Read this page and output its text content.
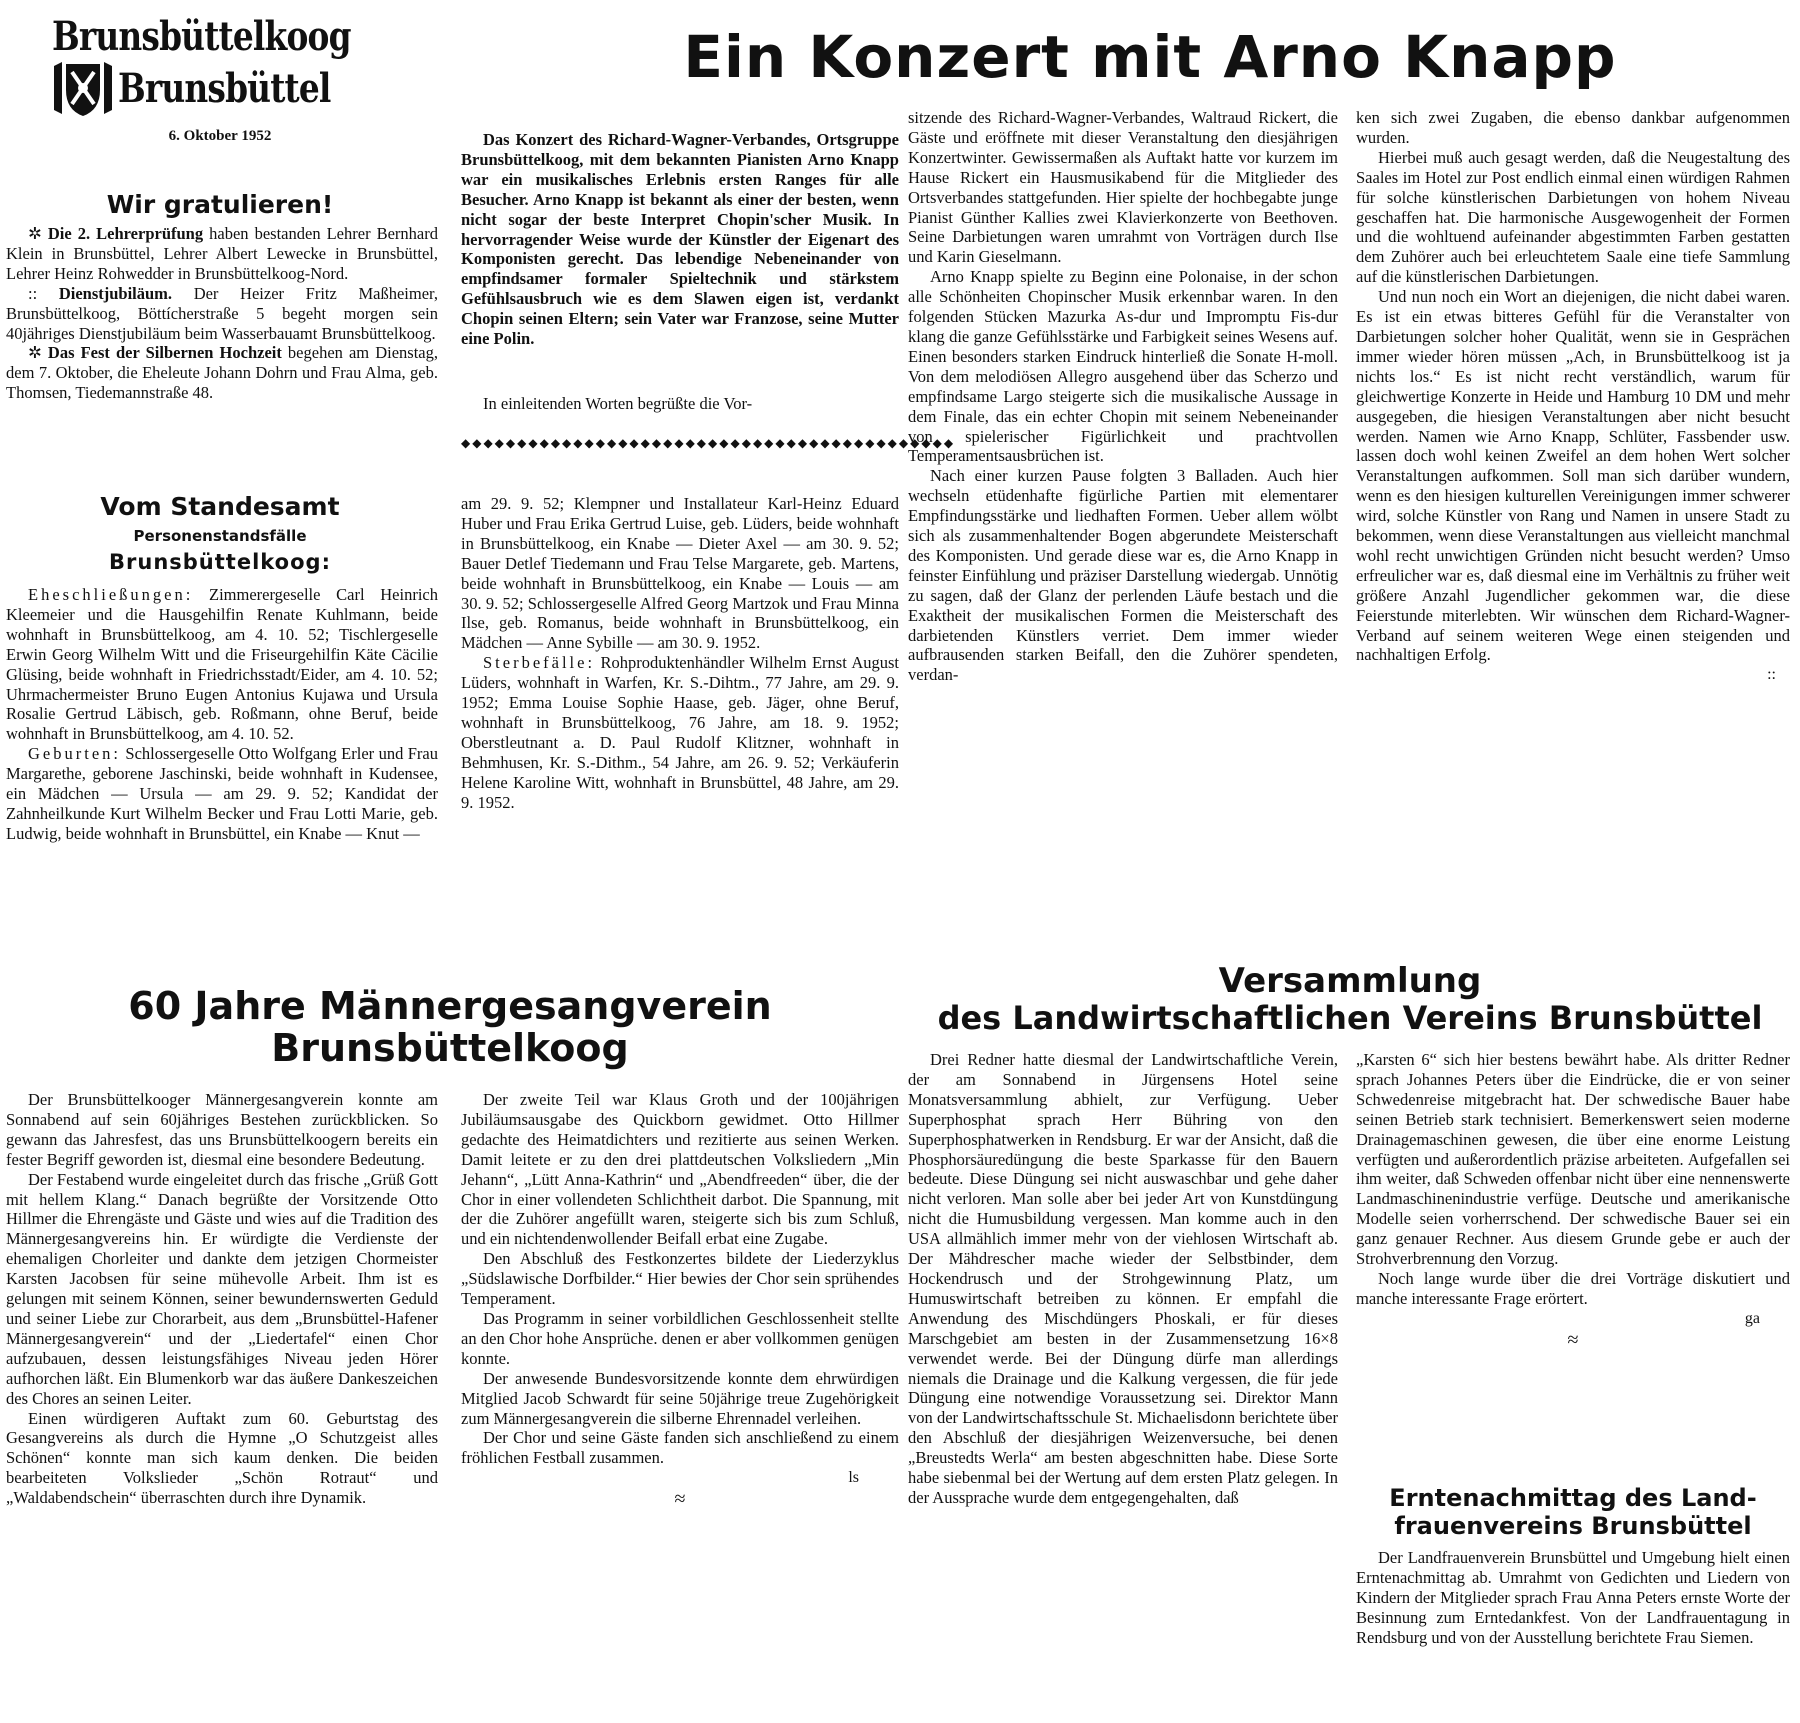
Brunsbüttelkoog
Brunsbüttel
6. Oktober 1952
Wir gratulieren!

✲ Die 2. Lehrerprüfung haben bestanden Lehrer Bernhard Klein in Brunsbüttel, Lehrer Albert Lewecke in Brunsbüttel, Lehrer Heinz Rohwedder in Brunsbüttelkoog-Nord.

:: Dienstjubiläum. Der Heizer Fritz Maßheimer, Brunsbüttelkoog, Böttícherstraße 5 begeht morgen sein 40jähriges Dienstjubiläum beim Wasserbauamt Brunsbüttelkoog.

✲ Das Fest der Silbernen Hochzeit begehen am Dienstag, dem 7. Oktober, die Eheleute Johann Dohrn und Frau Alma, geb. Thomsen, Tiedemannstraße 48.

Vom Standesamt
Personenstandsfälle
Brunsbüttelkoog:

Eheschließungen: Zimmerergeselle Carl Heinrich Kleemeier und die Hausgehilfin Renate Kuhlmann, beide wohnhaft in Brunsbüttelkoog, am 4. 10. 52; Tischlergeselle Erwin Georg Wilhelm Witt und die Friseurgehilfin Käte Cäcilie Glüsing, beide wohnhaft in Friedrichsstadt/Eider, am 4. 10. 52; Uhrmachermeister Bruno Eugen Antonius Kujawa und Ursula Rosalie Gertrud Läbisch, geb. Roßmann, ohne Beruf, beide wohnhaft in Brunsbüttelkoog, am 4. 10. 52.

Geburten: Schlossergeselle Otto Wolfgang Erler und Frau Margarethe, geborene Jaschinski, beide wohnhaft in Kudensee, ein Mädchen — Ursula — am 29. 9. 52; Kandidat der Zahnheilkunde Kurt Wilhelm Becker und Frau Lotti Marie, geb. Ludwig, beide wohnhaft in Brunsbüttel, ein Knabe — Knut —

Ein Konzert mit Arno Knapp

Das Konzert des Richard-Wagner-Verbandes, Ortsgruppe Brunsbüttelkoog, mit dem bekannten Pianisten Arno Knapp war ein musikalisches Erlebnis ersten Ranges für alle Besucher. Arno Knapp ist bekannt als einer der besten, wenn nicht sogar der beste Interpret Chopin'scher Musik. In hervorragender Weise wurde der Künstler der Eigenart des Komponisten gerecht. Das lebendige Nebeneinander von empfindsamer formaler Spieltechnik und stärkstem Gefühlsausbruch wie es dem Slawen eigen ist, verdankt Chopin seinen Eltern; sein Vater war Franzose, seine Mutter eine Polin.

In einleitenden Worten begrüßte die Vor-

◆◆◆◆◆◆◆◆◆◆◆◆◆◆◆◆◆◆◆◆◆◆◆◆◆◆◆◆◆◆◆◆◆◆◆◆◆◆◆◆◆◆◆◆

am 29. 9. 52; Klempner und Installateur Karl-Heinz Eduard Huber und Frau Erika Gertrud Luise, geb. Lüders, beide wohnhaft in Brunsbüttelkoog, ein Knabe — Dieter Axel — am 30. 9. 52; Bauer Detlef Tiedemann und Frau Telse Margarete, geb. Martens, beide wohnhaft in Brunsbüttelkoog, ein Knabe — Louis — am 30. 9. 52; Schlossergeselle Alfred Georg Martzok und Frau Minna Ilse, geb. Romanus, beide wohnhaft in Brunsbüttelkoog, ein Mädchen — Anne Sybille — am 30. 9. 1952.

Sterbefälle: Rohproduktenhändler Wilhelm Ernst August Lüders, wohnhaft in Warfen, Kr. S.-Dihtm., 77 Jahre, am 29. 9. 1952; Emma Louise Sophie Haase, geb. Jäger, ohne Beruf, wohnhaft in Brunsbüttelkoog, 76 Jahre, am 18. 9. 1952; Oberstleutnant a. D. Paul Rudolf Klitzner, wohnhaft in Behmhusen, Kr. S.-Dithm., 54 Jahre, am 26. 9. 52; Verkäuferin Helene Karoline Witt, wohnhaft in Brunsbüttel, 48 Jahre, am 29. 9. 1952.

sitzende des Richard-Wagner-Verbandes, Waltraud Rickert, die Gäste und eröffnete mit dieser Veranstaltung den diesjährigen Konzertwinter. Gewissermaßen als Auftakt hatte vor kurzem im Hause Rickert ein Hausmusikabend für die Mitglieder des Ortsverbandes stattgefunden. Hier spielte der hochbegabte junge Pianist Günther Kallies zwei Klavierkonzerte von Beethoven. Seine Darbietungen waren umrahmt von Vorträgen durch Ilse und Karin Gieselmann.

Arno Knapp spielte zu Beginn eine Polonaise, in der schon alle Schönheiten Chopinscher Musik erkennbar waren. In den folgenden Stücken Mazurka As-dur und Impromptu Fis-dur klang die ganze Gefühlsstärke und Farbigkeit seines Wesens auf. Einen besonders starken Eindruck hinterließ die Sonate H-moll. Von dem melodiösen Allegro ausgehend über das Scherzo und empfindsame Largo steigerte sich die musikalische Aussage in dem Finale, das ein echter Chopin mit seinem Nebeneinander von spielerischer Figürlichkeit und prachtvollen Temperamentsausbrüchen ist.

Nach einer kurzen Pause folgten 3 Balladen. Auch hier wechseln etüdenhafte figürliche Partien mit elementarer Empfindungsstärke und liedhaften Formen. Ueber allem wölbt sich als zusammenhaltender Bogen abgerundete Meisterschaft des Komponisten. Und gerade diese war es, die Arno Knapp in feinster Einfühlung und präziser Darstellung wiedergab. Unnötig zu sagen, daß der Glanz der perlenden Läufe bestach und die Exaktheit der musikalischen Formen die Meisterschaft des darbietenden Künstlers verriet. Dem immer wieder aufbrausenden starken Beifall, den die Zuhörer spendeten, verdan-

ken sich zwei Zugaben, die ebenso dankbar aufgenommen wurden.

Hierbei muß auch gesagt werden, daß die Neugestaltung des Saales im Hotel zur Post endlich einmal einen würdigen Rahmen für solche künstlerischen Darbietungen von hohem Niveau geschaffen hat. Die harmonische Ausgewogenheit der Formen und die wohltuend aufeinander abgestimmten Farben gestatten dem Zuhörer auch bei erleuchtetem Saale eine tiefe Sammlung auf die künstlerischen Darbietungen.

Und nun noch ein Wort an diejenigen, die nicht dabei waren. Es ist ein etwas bitteres Gefühl für die Veranstalter von Darbietungen solcher hoher Qualität, wenn sie in Gesprächen immer wieder hören müssen „Ach, in Brunsbüttelkoog ist ja nichts los.“ Es ist nicht recht verständlich, warum für gleichwertige Konzerte in Heide und Hamburg 10 DM und mehr ausgegeben, die hiesigen Veranstaltungen aber nicht besucht werden. Namen wie Arno Knapp, Schlüter, Fassbender usw. lassen doch wohl keinen Zweifel an dem hohen Wert solcher Veranstaltungen aufkommen. Soll man sich darüber wundern, wenn es den hiesigen kulturellen Vereinigungen immer schwerer wird, solche Künstler von Rang und Namen in unsere Stadt zu bekommen, wenn diese Veranstaltungen aus vielleicht manchmal wohl recht unwichtigen Gründen nicht besucht werden? Umso erfreulicher war es, daß diesmal eine im Verhältnis zu früher weit größere Anzahl Jugendlicher gekommen war, die diese Feierstunde miterlebten. Wir wünschen dem Richard-Wagner-Verband auf seinem weiteren Wege einen steigenden und nachhaltigen Erfolg.

::
60 Jahre Männergesangverein
Brunsbüttelkoog

Der Brunsbüttelkooger Männergesangverein konnte am Sonnabend auf sein 60jähriges Bestehen zurückblicken. So gewann das Jahresfest, das uns Brunsbüttelkoogern bereits ein fester Begriff geworden ist, diesmal eine besondere Bedeutung.

Der Festabend wurde eingeleitet durch das frische „Grüß Gott mit hellem Klang.“ Danach begrüßte der Vorsitzende Otto Hillmer die Ehrengäste und Gäste und wies auf die Tradition des Männergesangvereins hin. Er würdigte die Verdienste der ehemaligen Chorleiter und dankte dem jetzigen Chormeister Karsten Jacobsen für seine mühevolle Arbeit. Ihm ist es gelungen mit seinem Können, seiner bewundernswerten Geduld und seiner Liebe zur Chorarbeit, aus dem „Brunsbüttel-Hafener Männergesangverein“ und der „Liedertafel“ einen Chor aufzubauen, dessen leistungsfähiges Niveau jeden Hörer aufhorchen läßt. Ein Blumenkorb war das äußere Dankeszeichen des Chores an seinen Leiter.

Einen würdigeren Auftakt zum 60. Geburtstag des Gesangvereins als durch die Hymne „O Schutzgeist alles Schönen“ konnte man sich kaum denken. Die beiden bearbeiteten Volkslieder „Schön Rotraut“ und „Waldabendschein“ überraschten durch ihre Dynamik.

Der zweite Teil war Klaus Groth und der 100jährigen Jubiläumsausgabe des Quickborn gewidmet. Otto Hillmer gedachte des Heimatdichters und rezitierte aus seinen Werken. Damit leitete er zu den drei plattdeutschen Volksliedern „Min Jehann“, „Lütt Anna-Kathrin“ und „Abendfreeden“ über, die der Chor in einer vollendeten Schlichtheit darbot. Die Spannung, mit der die Zuhörer angefüllt waren, steigerte sich bis zum Schluß, und ein nichtendenwollender Beifall erbat eine Zugabe.

Den Abschluß des Festkonzertes bildete der Liederzyklus „Südslawische Dorfbilder.“ Hier bewies der Chor sein sprühendes Temperament.

Das Programm in seiner vorbildlichen Geschlossenheit stellte an den Chor hohe Ansprüche. denen er aber vollkommen genügen konnte.

Der anwesende Bundesvorsitzende konnte dem ehrwürdigen Mitglied Jacob Schwardt für seine 50jährige treue Zugehörigkeit zum Männergesangverein die silberne Ehrennadel verleihen.

Der Chor und seine Gäste fanden sich anschließend zu einem fröhlichen Festball zusammen.

ls
≈
Versammlung
des Landwirtschaftlichen Vereins Brunsbüttel

Drei Redner hatte diesmal der Landwirtschaftliche Verein, der am Sonnabend in Jürgensens Hotel seine Monatsversammlung abhielt, zur Verfügung. Ueber Superphosphat sprach Herr Bühring von den Superphosphatwerken in Rendsburg. Er war der Ansicht, daß die Phosphorsäuredüngung die beste Sparkasse für den Bauern bedeute. Diese Düngung sei nicht auswaschbar und gehe daher nicht verloren. Man solle aber bei jeder Art von Kunstdüngung nicht die Humusbildung vergessen. Man komme auch in den USA allmählich immer mehr von der viehlosen Wirtschaft ab. Der Mähdrescher mache wieder der Selbstbinder, dem Hockendrusch und der Strohgewinnung Platz, um Humuswirtschaft betreiben zu können. Er empfahl die Anwendung des Mischdüngers Phoskali, er für dieses Marschgebiet am besten in der Zusammensetzung 16×8 verwendet werde. Bei der Düngung dürfe man allerdings niemals die Drainage und die Kalkung vergessen, die für jede Düngung eine notwendige Voraussetzung sei. Direktor Mann von der Landwirtschaftsschule St. Michaelisdonn berichtete über den Abschluß der diesjährigen Weizenversuche, bei denen „Breustedts Werla“ am besten abgeschnitten habe. Diese Sorte habe siebenmal bei der Wertung auf dem ersten Platz gelegen. In der Aussprache wurde dem entgegengehalten, daß

„Karsten 6“ sich hier bestens bewährt habe. Als dritter Redner sprach Johannes Peters über die Eindrücke, die er von seiner Schwedenreise mitgebracht hat. Der schwedische Bauer habe seinen Betrieb stark technisiert. Bemerkenswert seien moderne Drainagemaschinen gewesen, die über eine enorme Leistung verfügten und außerordentlich präzise arbeiteten. Aufgefallen sei ihm weiter, daß Schweden offenbar nicht über eine nennenswerte Landmaschinenindustrie verfüge. Deutsche und amerikanische Modelle seien vorherrschend. Der schwedische Bauer sei ein ganz genauer Rechner. Aus diesem Grunde gebe er auch der Strohverbrennung den Vorzug.

Noch lange wurde über die drei Vorträge diskutiert und manche interessante Frage erörtert.

ga
≈
Erntenachmittag des Land-
frauenvereins Brunsbüttel

Der Landfrauenverein Brunsbüttel und Umgebung hielt einen Erntenachmittag ab. Umrahmt von Gedichten und Liedern von Kindern der Mitglieder sprach Frau Anna Peters ernste Worte der Besinnung zum Erntedankfest. Von der Landfrauentagung in Rendsburg und von der Ausstellung berichtete Frau Siemen.
